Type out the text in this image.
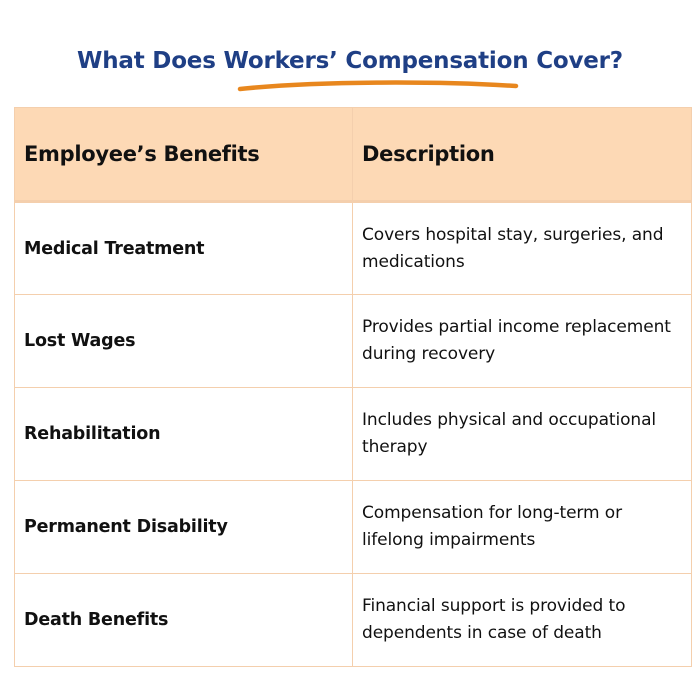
What Does Workers’ Compensation Cover?
Employee’s Benefits	Description
Medical Treatment	Covers hospital stay, surgeries, and medications
Lost Wages	Provides partial income replacement during recovery
Rehabilitation	Includes physical and occupational therapy
Permanent Disability	Compensation for long-term or lifelong impairments
Death Benefits	Financial support is provided to dependents in case of death
